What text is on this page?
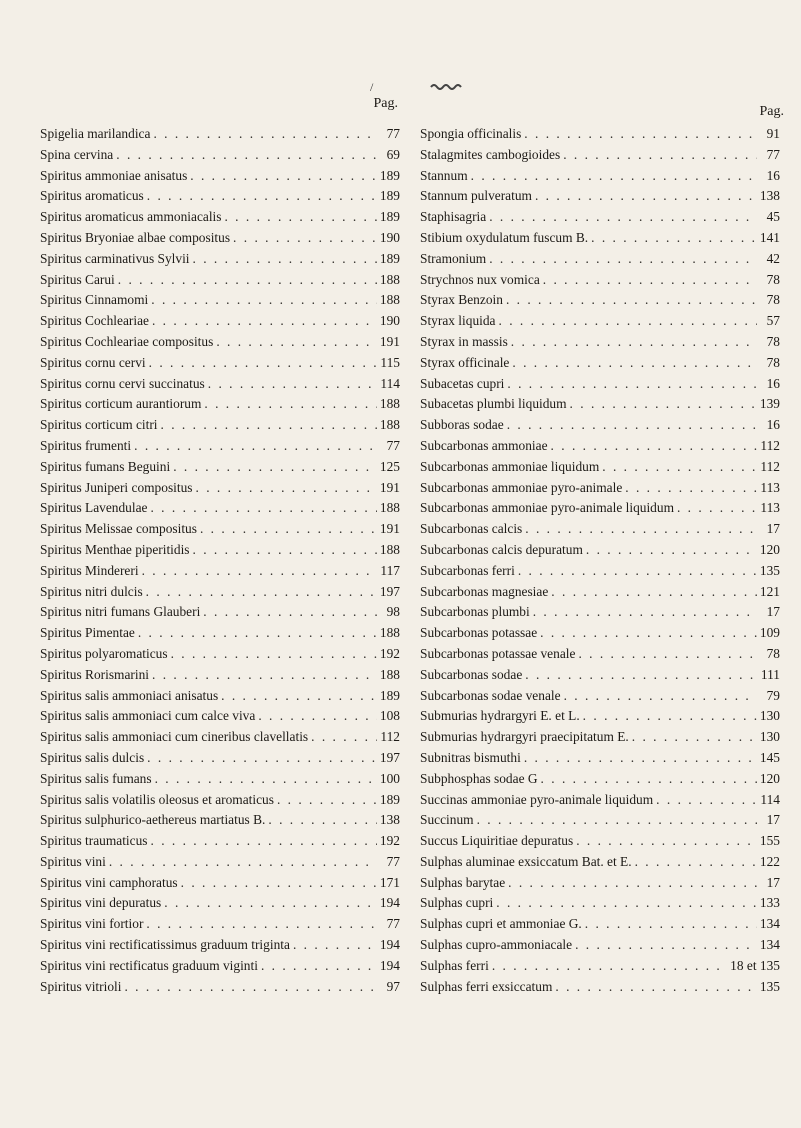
/
Pag.
Spigelia marilandica . . .	77
Spina cervina . . .	69
Spiritus ammoniae anisatus . . .	189
Spiritus aromaticus . . .	189
Spiritus aromaticus ammoniacalis . . .	189
Spiritus Bryoniae albae compositus . . .	190
Spiritus carminativus Sylvii . . .	189
Spiritus Carui . . .	188
Spiritus Cinnamomi . . .	188
Spiritus Cochleariae . . .	190
Spiritus Cochleariae compositus . . .	191
Spiritus cornu cervi . . .	115
Spiritus cornu cervi succinatus . . .	114
Spiritus corticum aurantiorum . . .	188
Spiritus corticum citri . . .	188
Spiritus frumenti . . .	77
Spiritus fumans Beguini . . .	125
Spiritus Juniperi compositus . . .	191
Spiritus Lavendulae . . .	188
Spiritus Melissae compositus . . .	191
Spiritus Menthae piperitidis . . .	188
Spiritus Mindereri . . .	117
Spiritus nitri dulcis . . .	197
Spiritus nitri fumans Glauberi . . .	98
Spiritus Pimentae . . .	188
Spiritus polyaromaticus . . .	192
Spiritus Rorismarini . . .	188
Spiritus salis ammoniaci anisatus . . .	189
Spiritus salis ammoniaci cum calce viva . . .	108
Spiritus salis ammoniaci cum cineribus clavellatis . . .	112
Spiritus salis dulcis . . .	197
Spiritus salis fumans . . .	100
Spiritus salis volatilis oleosus et aromaticus . . .	189
Spiritus sulphurico-aethereus martiatus B. . . .	138
Spiritus traumaticus . . .	192
Spiritus vini . . .	77
Spiritus vini camphoratus . . .	171
Spiritus vini depuratus . . .	194
Spiritus vini fortior . . .	77
Spiritus vini rectificatissimus graduum triginta . . .	194
Spiritus vini rectificatus graduum viginti . . .	194
Spiritus vitrioli . . .	97
Pag.
Spongia officinalis . . .	91
Stalagmites cambogioides . . .	77
Stannum . . .	16
Stannum pulveratum . . .	138
Staphisagria . . .	45
Stibium oxydulatum fuscum B. . . .	141
Stramonium . . .	42
Strychnos nux vomica . . .	78
Styrax Benzoin . . .	78
Styrax liquida . . .	57
Styrax in massis . . .	78
Styrax officinale . . .	78
Subacetas cupri . . .	16
Subacetas plumbi liquidum . . .	139
Subboras sodae . . .	16
Subcarbonas ammoniae . . .	112
Subcarbonas ammoniae liquidum . . .	112
Subcarbonas ammoniae pyro-animale . . .	113
Subcarbonas ammoniae pyro-animale liquidum . . .	113
Subcarbonas calcis . . .	17
Subcarbonas calcis depuratum . . .	120
Subcarbonas ferri . . .	135
Subcarbonas magnesiae . . .	121
Subcarbonas plumbi . . .	17
Subcarbonas potassae . . .	109
Subcarbonas potassae venale . . .	78
Subcarbonas sodae . . .	111
Subcarbonas sodae venale . . .	79
Submurias hydrargyri E. et L. . . .	130
Submurias hydrargyri praecipitatum E. . . .	130
Subnitras bismuthi . . .	145
Subphosphas sodae G . . .	120
Succinas ammoniae pyro-animale liquidum . . .	114
Succinum . . .	17
Succus Liquiritiae depuratus . . .	155
Sulphas aluminae exsiccatum Bat. et E. . . .	122
Sulphas barytae . . .	17
Sulphas cupri . . .	133
Sulphas cupri et ammoniae G. . . .	134
Sulphas cupro-ammoniacale . . .	134
Sulphas ferri . . .	18 et 135
Sulphas ferri exsiccatum . . .	135
